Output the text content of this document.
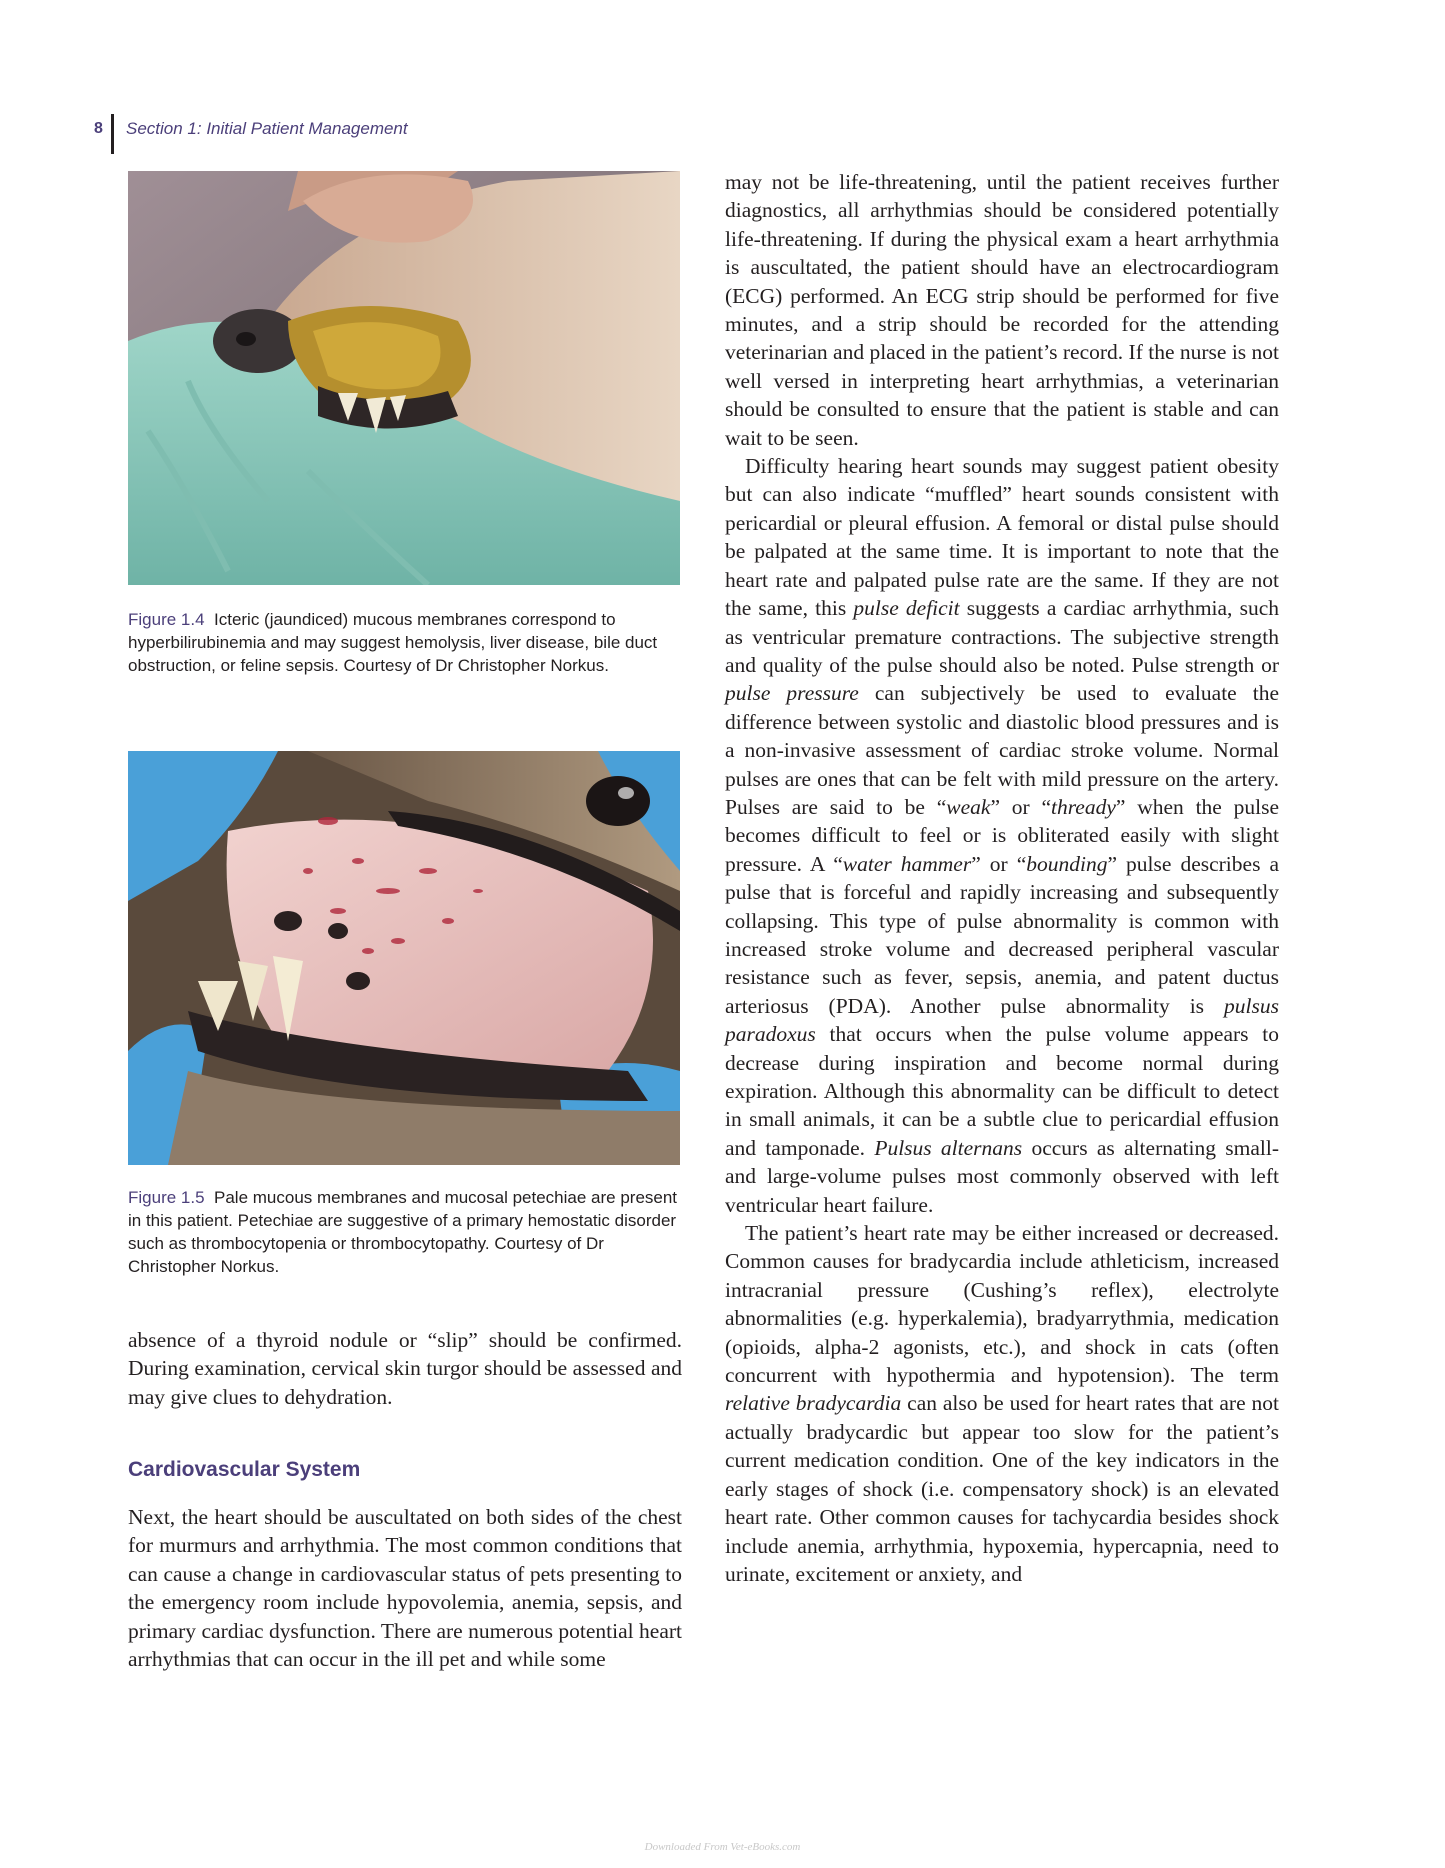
8 Section 1: Initial Patient Management
Figure 1.4 Icteric (jaundiced) mucous membranes correspond to hyperbilirubinemia and may suggest hemolysis, liver disease, bile duct obstruction, or feline sepsis. Courtesy of Dr Christopher Norkus.
Figure 1.5 Pale mucous membranes and mucosal petechiae are present in this patient. Petechiae are suggestive of a primary hemostatic disorder such as thrombocytopenia or thrombocytopathy. Courtesy of Dr Christopher Norkus.

absence of a thyroid nodule or “slip” should be confirmed. During examination, cervical skin turgor should be assessed and may give clues to dehydration.

Cardiovascular System

Next, the heart should be auscultated on both sides of the chest for murmurs and arrhythmia. The most common conditions that can cause a change in cardiovascular status of pets presenting to the emergency room include hypovolemia, anemia, sepsis, and primary cardiac dysfunction. There are numerous potential heart arrhythmias that can occur in the ill pet and while some

may not be life-threatening, until the patient receives further diagnostics, all arrhythmias should be considered potentially life-threatening. If during the physical exam a heart arrhythmia is auscultated, the patient should have an electrocardiogram (ECG) performed. An ECG strip should be performed for five minutes, and a strip should be recorded for the attending veterinarian and placed in the patient’s record. If the nurse is not well versed in interpreting heart arrhythmias, a veterinarian should be consulted to ensure that the patient is stable and can wait to be seen.

Difficulty hearing heart sounds may suggest patient obesity but can also indicate “muffled” heart sounds consistent with pericardial or pleural effusion. A femoral or distal pulse should be palpated at the same time. It is important to note that the heart rate and palpated pulse rate are the same. If they are not the same, this pulse deficit suggests a cardiac arrhythmia, such as ventricular premature contractions. The subjective strength and quality of the pulse should also be noted. Pulse strength or pulse pressure can subjectively be used to evaluate the difference between systolic and diastolic blood pressures and is a non-invasive assessment of cardiac stroke volume. Normal pulses are ones that can be felt with mild pressure on the artery. Pulses are said to be “weak” or “thready” when the pulse becomes difficult to feel or is obliterated easily with slight pressure. A “water hammer” or “bounding” pulse describes a pulse that is forceful and rapidly increasing and subsequently collapsing. This type of pulse abnormality is common with increased stroke volume and decreased peripheral vascular resistance such as fever, sepsis, anemia, and patent ductus arteriosus (PDA). Another pulse abnormality is pulsus paradoxus that occurs when the pulse volume appears to decrease during inspiration and become normal during expiration. Although this abnormality can be difficult to detect in small animals, it can be a subtle clue to pericardial effusion and tamponade. Pulsus alternans occurs as alternating small- and large-volume pulses most commonly observed with left ventricular heart failure.

The patient’s heart rate may be either increased or decreased. Common causes for bradycardia include athleticism, increased intracranial pressure (Cushing’s reflex), electrolyte abnormalities (e.g. hyperkalemia), bradyarrythmia, medication (opioids, alpha-2 agonists, etc.), and shock in cats (often concurrent with hypothermia and hypotension). The term relative bradycardia can also be used for heart rates that are not actually bradycardic but appear too slow for the patient’s current medication condition. One of the key indicators in the early stages of shock (i.e. compensatory shock) is an elevated heart rate. Other common causes for tachycardia besides shock include anemia, arrhythmia, hypoxemia, hypercapnia, need to urinate, excitement or anxiety, and

Downloaded From Vet-eBooks.com
